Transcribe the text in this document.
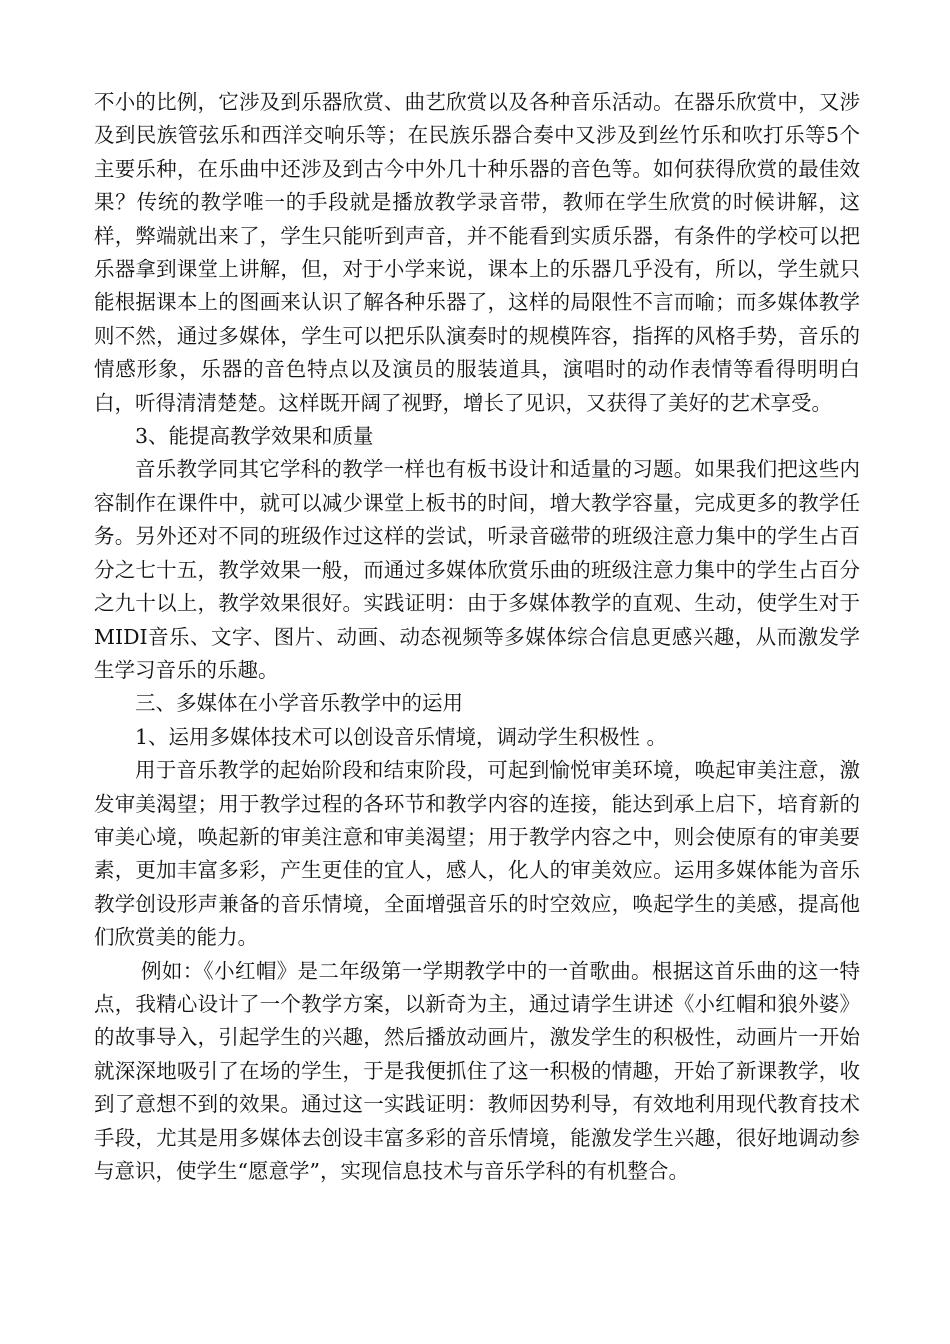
不小的比例，它涉及到乐器欣赏、曲艺欣赏以及各种音乐活动。在器乐欣赏中，又涉及到民族管弦乐和西洋交响乐等；在民族乐器合奏中又涉及到丝竹乐和吹打乐等5个主要乐种，在乐曲中还涉及到古今中外几十种乐器的音色等。如何获得欣赏的最佳效果？传统的教学唯一的手段就是播放教学录音带，教师在学生欣赏的时候讲解，这样，弊端就出来了，学生只能听到声音，并不能看到实质乐器，有条件的学校可以把乐器拿到课堂上讲解，但，对于小学来说，课本上的乐器几乎没有，所以，学生就只能根据课本上的图画来认识了解各种乐器了，这样的局限性不言而喻；而多媒体教学则不然，通过多媒体，学生可以把乐队演奏时的规模阵容，指挥的风格手势，音乐的情感形象，乐器的音色特点以及演员的服装道具，演唱时的动作表情等看得明明白白，听得清清楚楚。这样既开阔了视野，增长了见识，又获得了美好的艺术享受。

3、能提高教学效果和质量

音乐教学同其它学科的教学一样也有板书设计和适量的习题。如果我们把这些内容制作在课件中，就可以减少课堂上板书的时间，增大教学容量，完成更多的教学任务。另外还对不同的班级作过这样的尝试，听录音磁带的班级注意力集中的学生占百分之七十五，教学效果一般，而通过多媒体欣赏乐曲的班级注意力集中的学生占百分之九十以上，教学效果很好。实践证明：由于多媒体教学的直观、生动，使学生对于MIDI音乐、文字、图片、动画、动态视频等多媒体综合信息更感兴趣，从而激发学生学习音乐的乐趣。

三、多媒体在小学音乐教学中的运用

1、运用多媒体技术可以创设音乐情境，调动学生积极性 。

用于音乐教学的起始阶段和结束阶段，可起到愉悦审美环境，唤起审美注意，激发审美渴望；用于教学过程的各环节和教学内容的连接，能达到承上启下，培育新的审美心境，唤起新的审美注意和审美渴望；用于教学内容之中，则会使原有的审美要素，更加丰富多彩，产生更佳的宜人，感人，化人的审美效应。运用多媒体能为音乐教学创设形声兼备的音乐情境，全面增强音乐的时空效应，唤起学生的美感，提高他们欣赏美的能力。

例如：《小红帽》是二年级第一学期教学中的一首歌曲。根据这首乐曲的这一特点，我精心设计了一个教学方案，以新奇为主，通过请学生讲述《小红帽和狼外婆》的故事导入，引起学生的兴趣，然后播放动画片，激发学生的积极性，动画片一开始就深深地吸引了在场的学生，于是我便抓住了这一积极的情趣，开始了新课教学，收到了意想不到的效果。通过这一实践证明：教师因势利导，有效地利用现代教育技术手段，尤其是用多媒体去创设丰富多彩的音乐情境，能激发学生兴趣，很好地调动参与意识，使学生“愿意学”，实现信息技术与音乐学科的有机整合。
